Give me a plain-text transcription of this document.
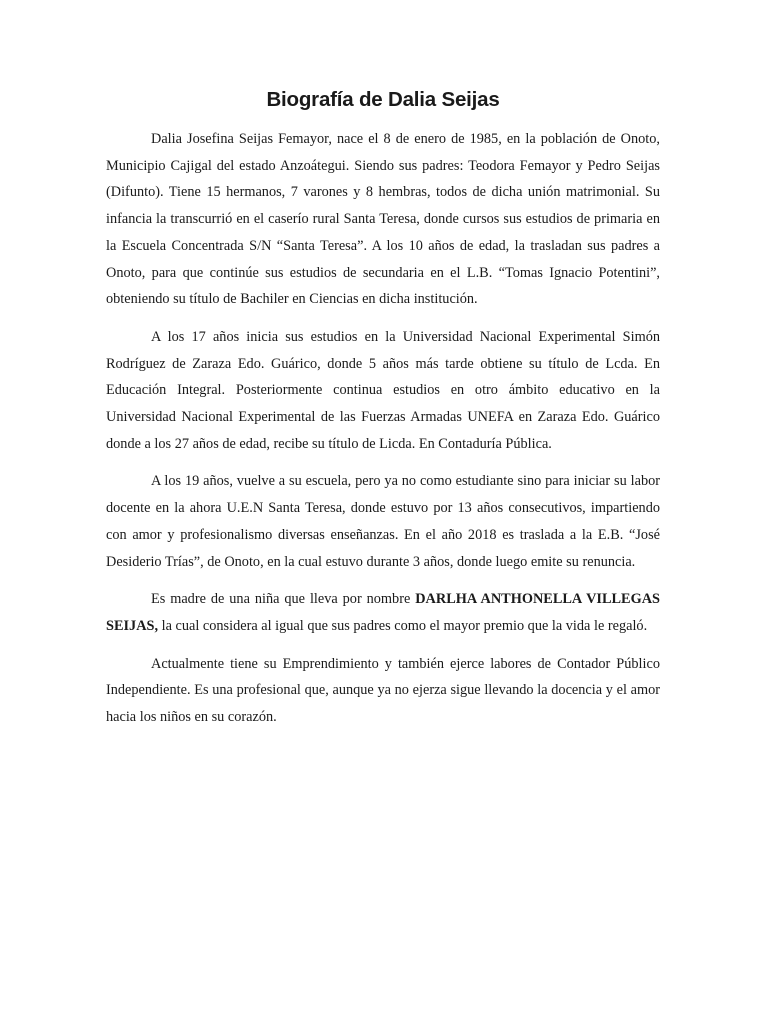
Biografía de Dalia Seijas

Dalia Josefina Seijas Femayor, nace el 8 de enero de 1985, en la población de Onoto, Municipio Cajigal del estado Anzoátegui. Siendo sus padres: Teodora Femayor y Pedro Seijas (Difunto). Tiene 15 hermanos, 7 varones y 8 hembras, todos de dicha unión matrimonial. Su infancia la transcurrió en el caserío rural Santa Teresa, donde cursos sus estudios de primaria en la Escuela Concentrada S/N “Santa Teresa”. A los 10 años de edad, la trasladan sus padres a Onoto, para que continúe sus estudios de secundaria en el L.B. “Tomas Ignacio Potentini”, obteniendo su título de Bachiler en Ciencias en dicha institución.

A los 17 años inicia sus estudios en la Universidad Nacional Experimental Simón Rodríguez de Zaraza Edo. Guárico, donde 5 años más tarde obtiene su título de Lcda. En Educación Integral. Posteriormente continua estudios en otro ámbito educativo en la Universidad Nacional Experimental de las Fuerzas Armadas UNEFA en Zaraza Edo. Guárico donde a los 27 años de edad, recibe su título de Licda. En Contaduría Pública.

A los 19 años, vuelve a su escuela, pero ya no como estudiante sino para iniciar su labor docente en la ahora U.E.N Santa Teresa, donde estuvo por 13 años consecutivos, impartiendo con amor y profesionalismo diversas enseñanzas. En el año 2018 es traslada a la E.B. “José Desiderio Trías”, de Onoto, en la cual estuvo durante 3 años, donde luego emite su renuncia.

Es madre de una niña que lleva por nombre DARLHA ANTHONELLA VILLEGAS SEIJAS, la cual considera al igual que sus padres como el mayor premio que la vida le regaló.

Actualmente tiene su Emprendimiento y también ejerce labores de Contador Público Independiente. Es una profesional que, aunque ya no ejerza sigue llevando la docencia y el amor hacia los niños en su corazón.
